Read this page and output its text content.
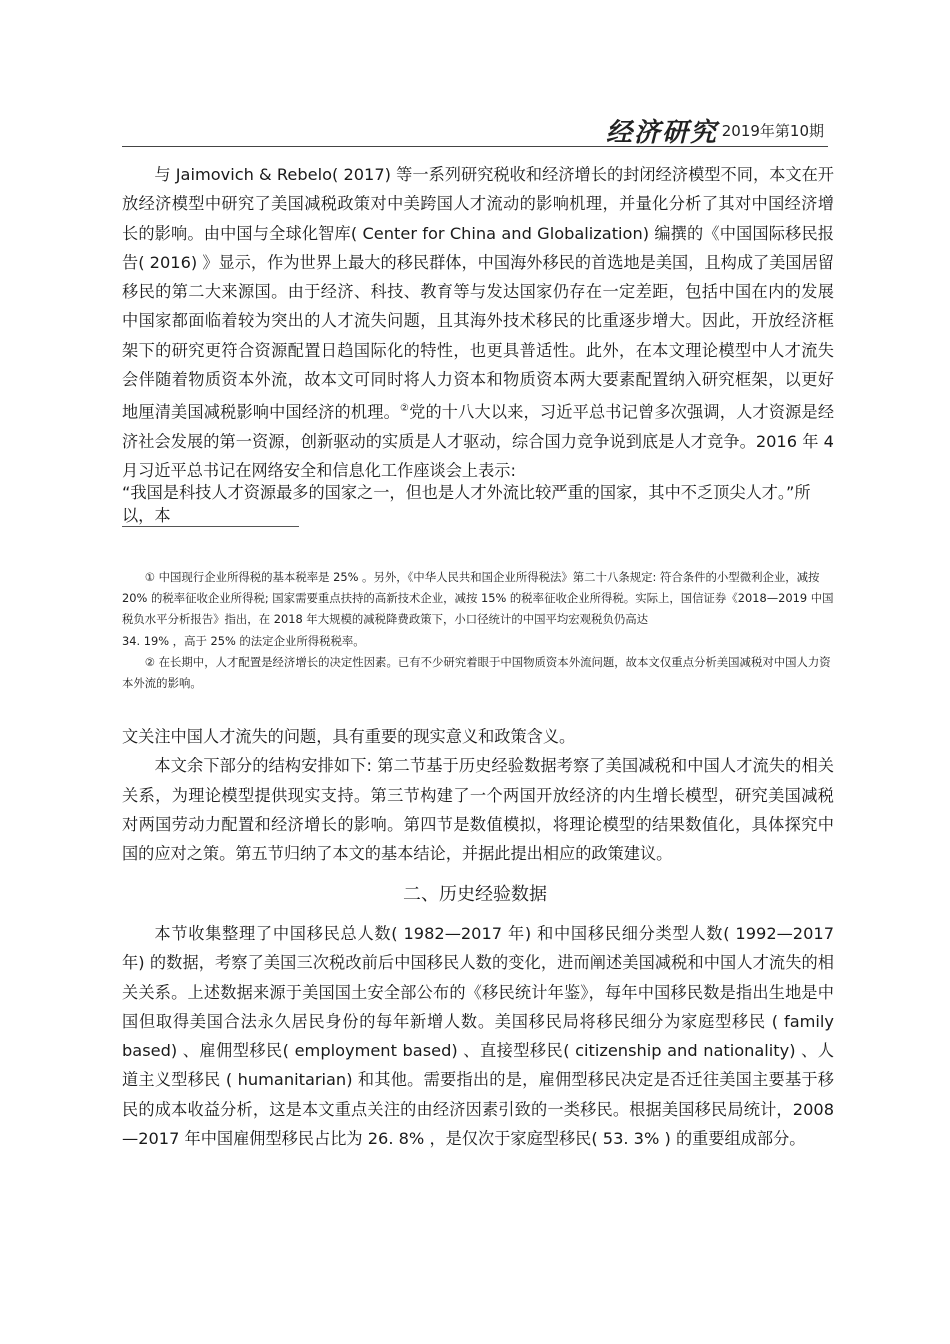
经济研究 2019年第10期

与 Jaimovich & Rebelo( 2017) 等一系列研究税收和经济增长的封闭经济模型不同，本文在开放经济模型中研究了美国减税政策对中美跨国人才流动的影响机理，并量化分析了其对中国经济增长的影响。由中国与全球化智库( Center for China and Globalization) 编撰的《中国国际移民报告( 2016) 》显示，作为世界上最大的移民群体，中国海外移民的首选地是美国，且构成了美国居留移民的第二大来源国。由于经济、科技、教育等与发达国家仍存在一定差距，包括中国在内的发展中国家都面临着较为突出的人才流失问题，且其海外技术移民的比重逐步增大。因此，开放经济框架下的研究更符合资源配置日趋国际化的特性，也更具普适性。此外，在本文理论模型中人才流失会伴随着物质资本外流，故本文可同时将人力资本和物质资本两大要素配置纳入研究框架，以更好地厘清美国减税影响中国经济的机理。②党的十八大以来，习近平总书记曾多次强调，人才资源是经济社会发展的第一资源，创新驱动的实质是人才驱动，综合国力竞争说到底是人才竞争。2016 年 4 月习近平总书记在网络安全和信息化工作座谈会上表示:

“我国是科技人才资源最多的国家之一，但也是人才外流比较严重的国家，其中不乏顶尖人才。”所以，本

① 中国现行企业所得税的基本税率是 25% 。另外，《中华人民共和国企业所得税法》第二十八条规定: 符合条件的小型微利企业，减按 20% 的税率征收企业所得税; 国家需要重点扶持的高新技术企业，减按 15% 的税率征收企业所得税。实际上，国信证券《2018—2019 中国税负水平分析报告》指出，在 2018 年大规模的减税降费政策下，小口径统计的中国平均宏观税负仍高达

34. 19% ，高于 25% 的法定企业所得税税率。

② 在长期中，人才配置是经济增长的决定性因素。已有不少研究着眼于中国物质资本外流问题，故本文仅重点分析美国减税对中国人力资本外流的影响。

文关注中国人才流失的问题，具有重要的现实意义和政策含义。

本文余下部分的结构安排如下: 第二节基于历史经验数据考察了美国减税和中国人才流失的相关关系，为理论模型提供现实支持。第三节构建了一个两国开放经济的内生增长模型，研究美国减税对两国劳动力配置和经济增长的影响。第四节是数值模拟，将理论模型的结果数值化，具体探究中国的应对之策。第五节归纳了本文的基本结论，并据此提出相应的政策建议。

二、历史经验数据

本节收集整理了中国移民总人数( 1982—2017 年) 和中国移民细分类型人数( 1992—2017 年) 的数据，考察了美国三次税改前后中国移民人数的变化，进而阐述美国减税和中国人才流失的相关关系。上述数据来源于美国国土安全部公布的《移民统计年鉴》，每年中国移民数是指出生地是中国但取得美国合法永久居民身份的每年新增人数。美国移民局将移民细分为家庭型移民 ( family based) 、雇佣型移民( employment based) 、直接型移民( citizenship and nationality) 、人道主义型移民 ( humanitarian) 和其他。需要指出的是，雇佣型移民决定是否迁往美国主要基于移民的成本收益分析，这是本文重点关注的由经济因素引致的一类移民。根据美国移民局统计，2008—2017 年中国雇佣型移民占比为 26. 8% ，是仅次于家庭型移民( 53. 3% ) 的重要组成部分。
